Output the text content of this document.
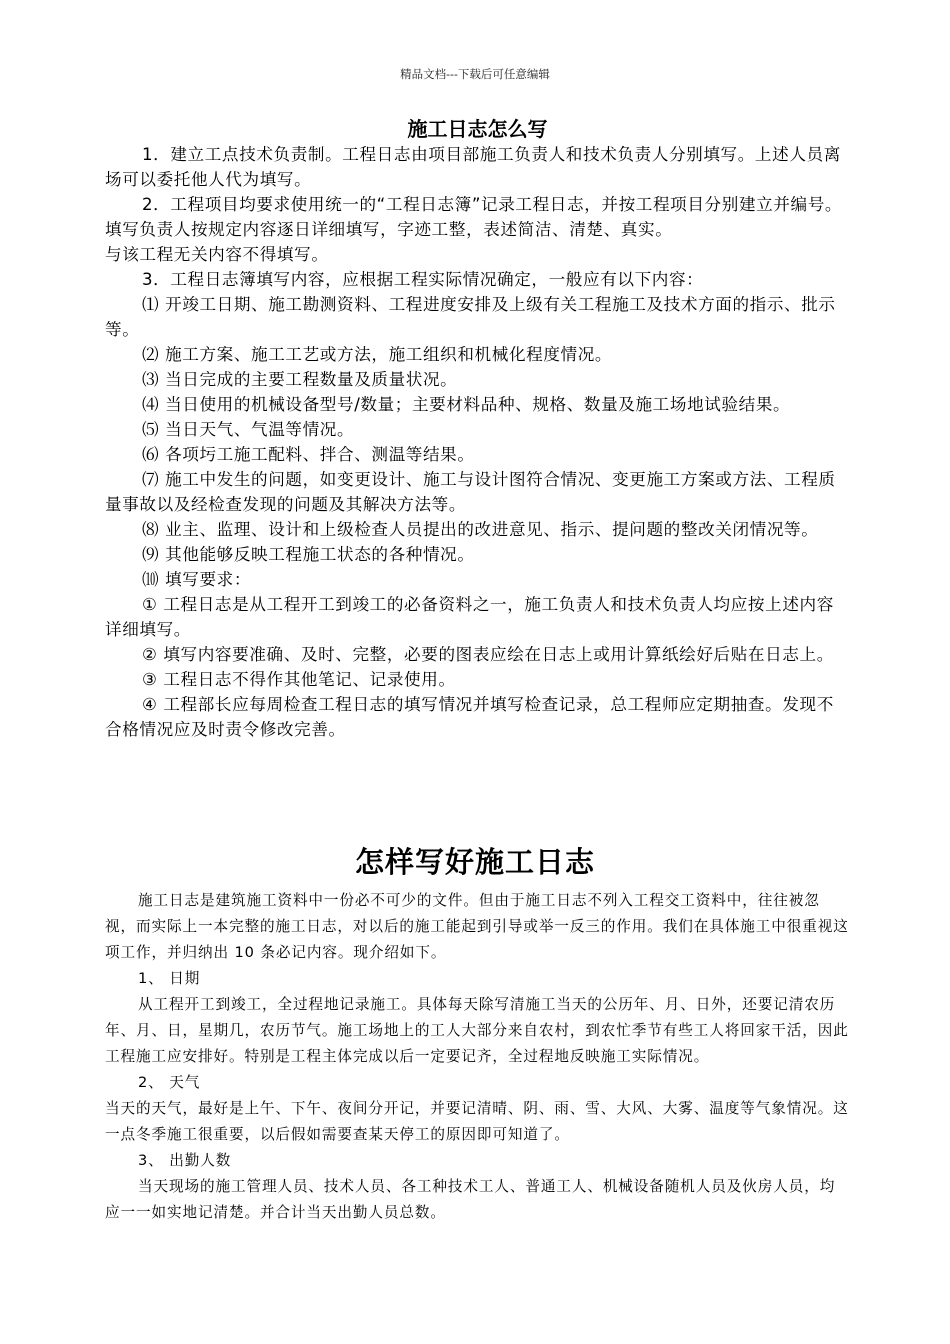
精品文档---下载后可任意编辑
施工日志怎么写

1．建立工点技术负责制。工程日志由项目部施工负责人和技术负责人分别填写。上述人员离场可以委托他人代为填写。

2．工程项目均要求使用统一的“工程日志簿”记录工程日志，并按工程项目分别建立并编号。填写负责人按规定内容逐日详细填写，字迹工整，表述简洁、清楚、真实。

与该工程无关内容不得填写。

3．工程日志簿填写内容，应根据工程实际情况确定，一般应有以下内容：

⑴ 开竣工日期、施工勘测资料、工程进度安排及上级有关工程施工及技术方面的指示、批示等。

⑵ 施工方案、施工工艺或方法，施工组织和机械化程度情况。

⑶ 当日完成的主要工程数量及质量状况。

⑷ 当日使用的机械设备型号/数量；主要材料品种、规格、数量及施工场地试验结果。

⑸ 当日天气、气温等情况。

⑹ 各项圬工施工配料、拌合、测温等结果。

⑺ 施工中发生的问题，如变更设计、施工与设计图符合情况、变更施工方案或方法、工程质量事故以及经检查发现的问题及其解决方法等。

⑻ 业主、监理、设计和上级检查人员提出的改进意见、指示、提问题的整改关闭情况等。

⑼ 其他能够反映工程施工状态的各种情况。

⑽ 填写要求：

① 工程日志是从工程开工到竣工的必备资料之一，施工负责人和技术负责人均应按上述内容详细填写。

② 填写内容要准确、及时、完整，必要的图表应绘在日志上或用计算纸绘好后贴在日志上。

③ 工程日志不得作其他笔记、记录使用。

④ 工程部长应每周检查工程日志的填写情况并填写检查记录，总工程师应定期抽查。发现不合格情况应及时责令修改完善。

怎样写好施工日志

施工日志是建筑施工资料中一份必不可少的文件。但由于施工日志不列入工程交工资料中，往往被忽视，而实际上一本完整的施工日志，对以后的施工能起到引导或举一反三的作用。我们在具体施工中很重视这项工作，并归纳出 10 条必记内容。现介绍如下。

1、 日期

从工程开工到竣工，全过程地记录施工。具体每天除写清施工当天的公历年、月、日外，还要记清农历年、月、日，星期几，农历节气。施工场地上的工人大部分来自农村，到农忙季节有些工人将回家干活，因此工程施工应安排好。特别是工程主体完成以后一定要记齐，全过程地反映施工实际情况。

2、 天气

当天的天气，最好是上午、下午、夜间分开记，并要记清晴、阴、雨、雪、大风、大雾、温度等气象情况。这一点冬季施工很重要，以后假如需要查某天停工的原因即可知道了。

3、 出勤人数

当天现场的施工管理人员、技术人员、各工种技术工人、普通工人、机械设备随机人员及伙房人员，均应一一如实地记清楚。并合计当天出勤人员总数。
